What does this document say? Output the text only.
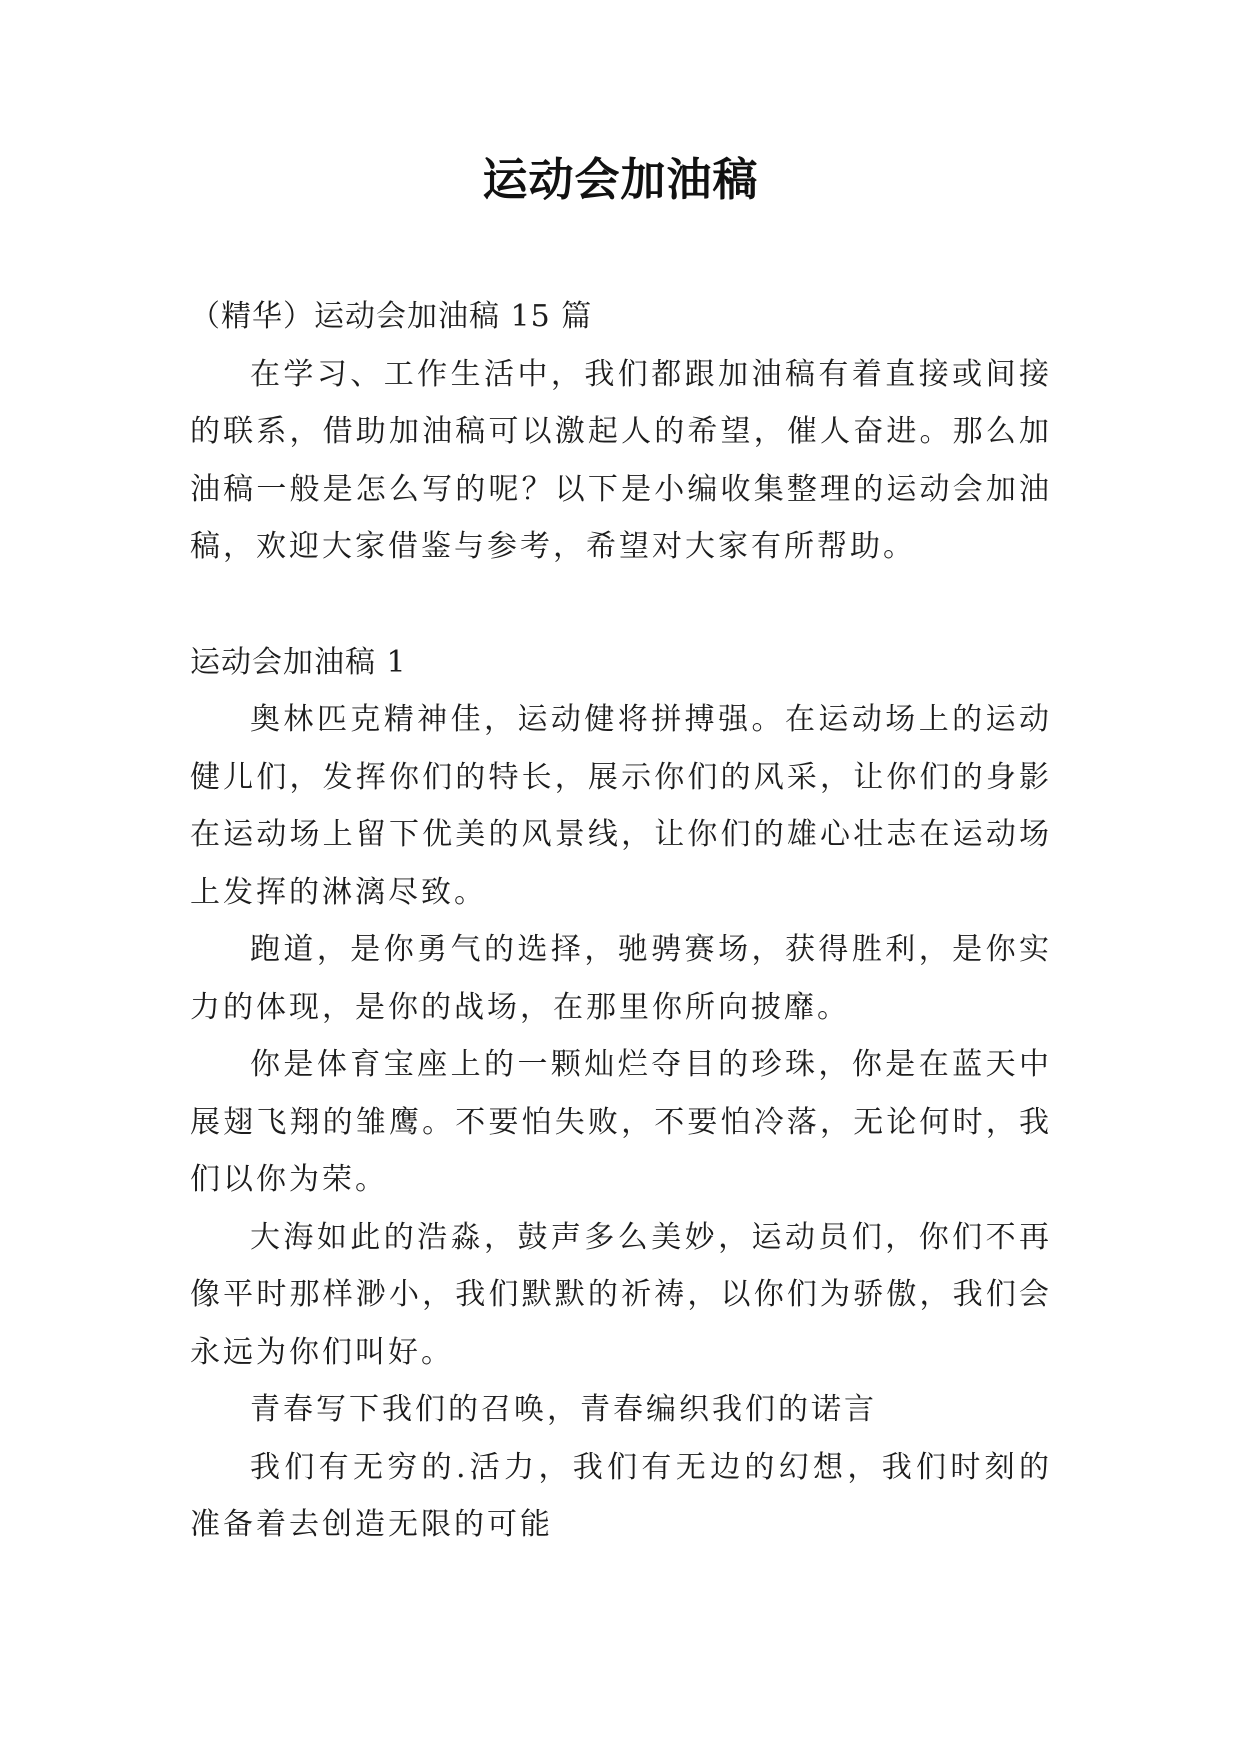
运动会加油稿

（精华）运动会加油稿 15 篇

在学习、工作生活中，我们都跟加油稿有着直接或间接的联系，借助加油稿可以激起人的希望，催人奋进。那么加油稿一般是怎么写的呢？以下是小编收集整理的运动会加油稿，欢迎大家借鉴与参考，希望对大家有所帮助。

运动会加油稿 1

奥林匹克精神佳，运动健将拼搏强。在运动场上的运动健儿们，发挥你们的特长，展示你们的风采，让你们的身影在运动场上留下优美的风景线，让你们的雄心壮志在运动场上发挥的淋漓尽致。

跑道，是你勇气的选择，驰骋赛场，获得胜利，是你实力的体现，是你的战场，在那里你所向披靡。

你是体育宝座上的一颗灿烂夺目的珍珠，你是在蓝天中展翅飞翔的雏鹰。不要怕失败，不要怕冷落，无论何时，我们以你为荣。

大海如此的浩淼，鼓声多么美妙，运动员们，你们不再像平时那样渺小，我们默默的祈祷，以你们为骄傲，我们会永远为你们叫好。

青春写下我们的召唤，青春编织我们的诺言

我们有无穷的.活力，我们有无边的幻想，我们时刻的准备着去创造无限的可能
